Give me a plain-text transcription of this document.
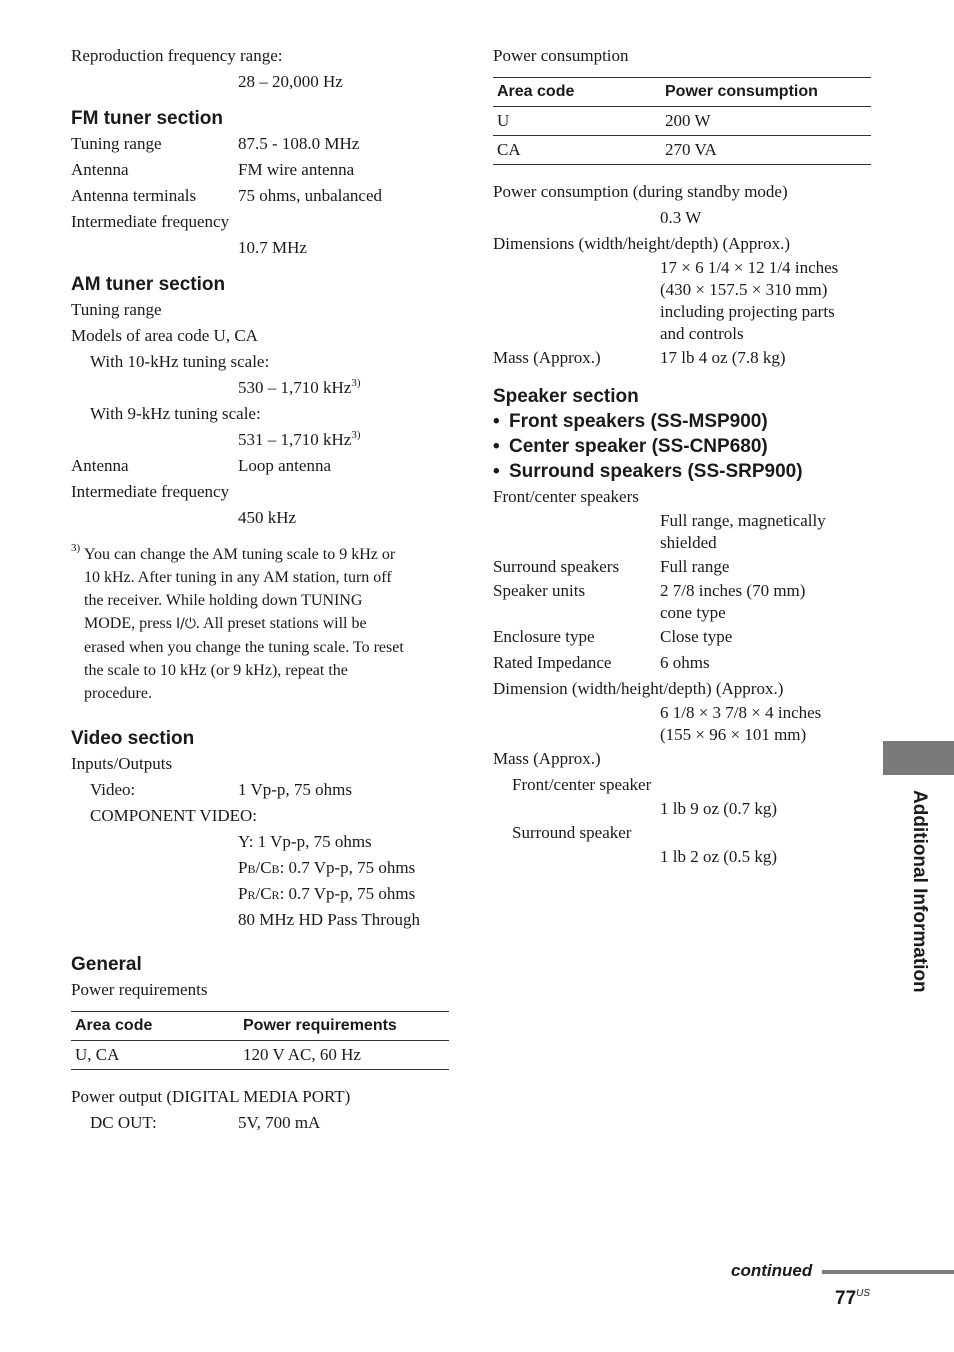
Reproduction frequency range:
28 – 20,000 Hz
FM tuner section
Tuning range	87.5 - 108.0 MHz
Antenna	FM wire antenna
Antenna terminals 75 ohms, unbalanced
Intermediate frequency
10.7 MHz
AM tuner section
Tuning range
Models of area code U, CA
With 10-kHz tuning scale:
530 – 1,710 kHz$^{3)}$
With 9-kHz tuning scale:
531 – 1,710 kHz$^{3)}$
Antenna	Loop antenna
Intermediate frequency
450 kHz
3) You can change the AM tuning scale to 9 kHz or
10 kHz. After tuning in any AM station, turn off
the receiver. While holding down TUNING
MODE, press I/⏻. All preset stations will be
erased when you change the tuning scale. To reset
the scale to 10 kHz (or 9 kHz), repeat the
procedure.
Video section
Inputs/Outputs
Video:	1 Vp-p, 75 ohms
COMPONENT VIDEO:
Y: 1 Vp-p, 75 ohms
PB/CB: 0.7 Vp-p, 75 ohms
PR/CR: 0.7 Vp-p, 75 ohms
80 MHz HD Pass Through
General
Power requirements
Area code	Power requirements
U, CA	120 V AC, 60 Hz
Power output (DIGITAL MEDIA PORT)
DC OUT:	5V, 700 mA
Power consumption
Area code	Power consumption
U	200 W
CA	270 VA
Power consumption (during standby mode)
0.3 W
Dimensions (width/height/depth) (Approx.)
17 × 6 1/4 × 12 1/4 inches
(430 × 157.5 × 310 mm)
including projecting parts
and controls
Mass (Approx.)	17 lb 4 oz (7.8 kg)
Speaker section
• Front speakers (SS-MSP900)
• Center speaker (SS-CNP680)
• Surround speakers (SS-SRP900)
Front/center speakers
Full range, magnetically
shielded
Surround speakers Full range
Speaker units	2 7/8 inches (70 mm)
cone type
Enclosure type	Close type
Rated Impedance	6 ohms
Dimension (width/height/depth) (Approx.)
6 1/8 × 3 7/8 × 4 inches
(155 × 96 × 101 mm)
Mass (Approx.)
Front/center speaker
1 lb 9 oz (0.7 kg)
Surround speaker
1 lb 2 oz (0.5 kg)	Additional Information
continued
$77^{US}$
